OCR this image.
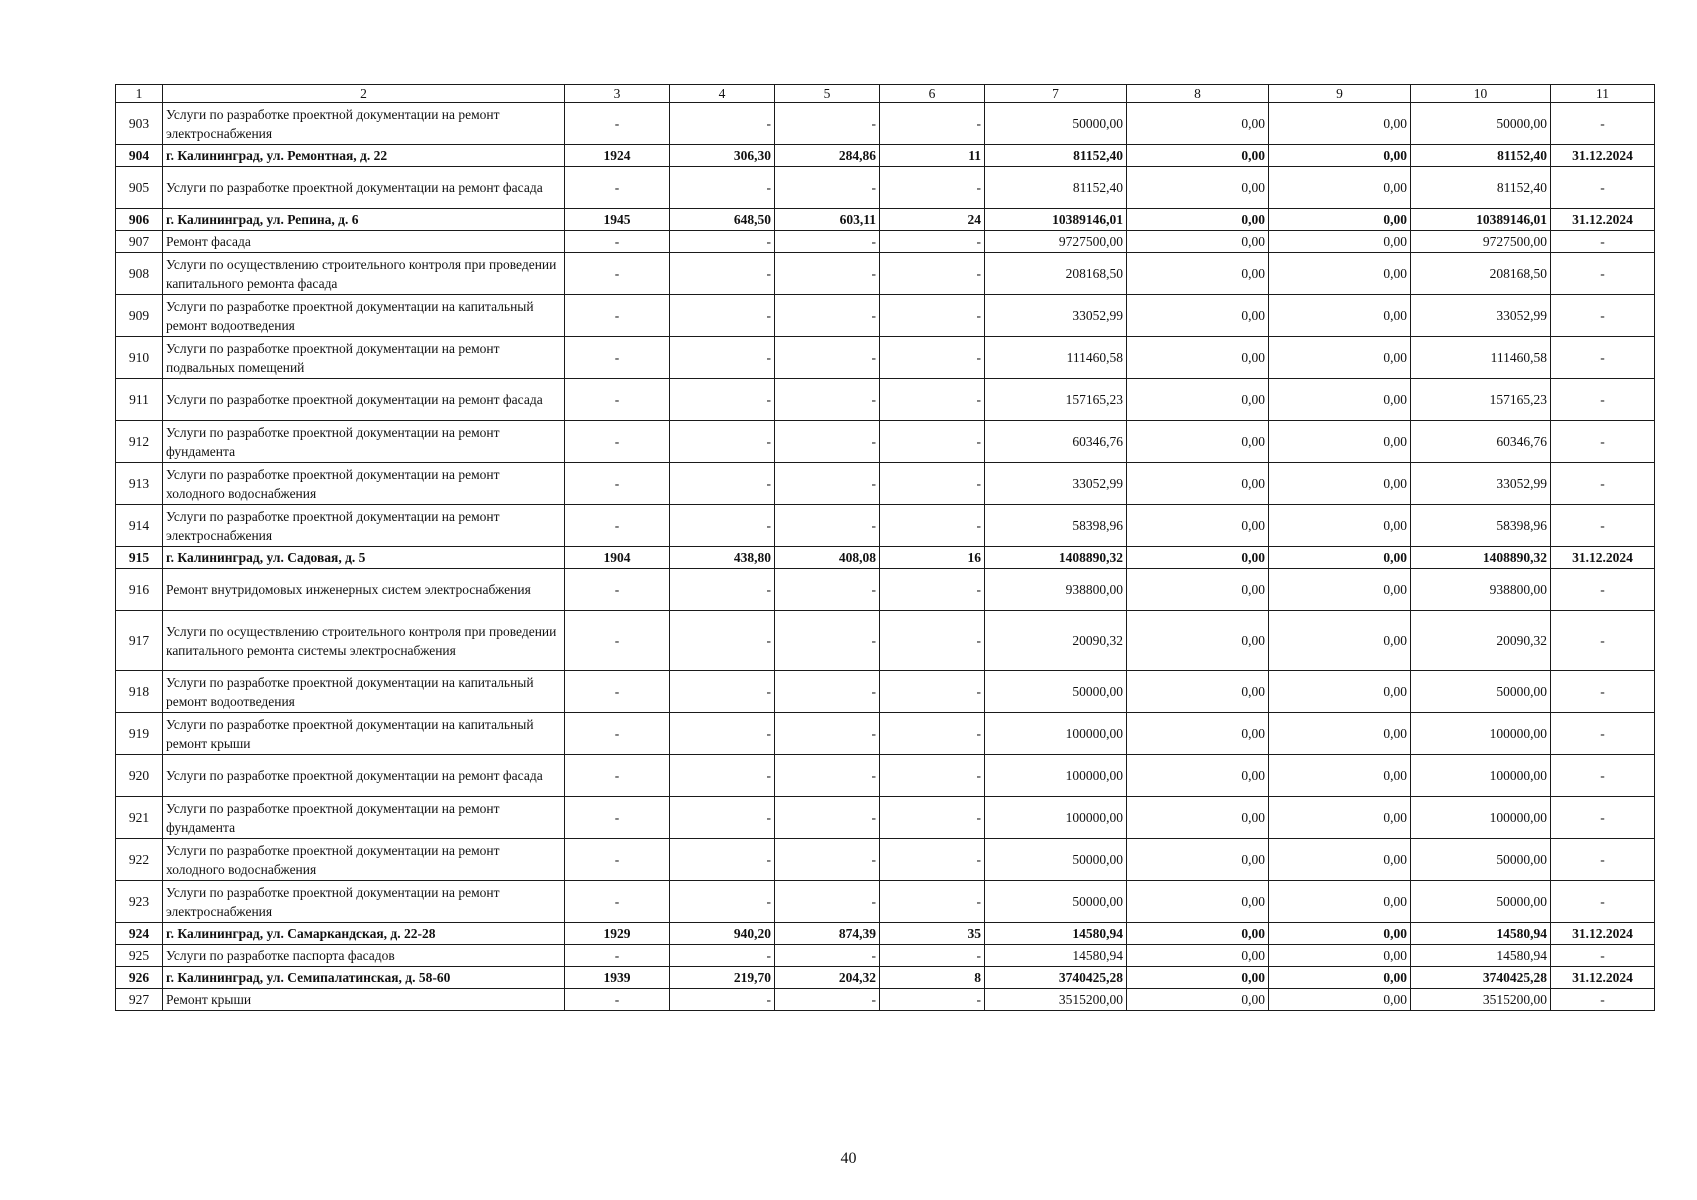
1	2	3	4	5	6	7	8	9	10	11
903	Услуги по разработке проектной документации на ремонт электроснабжения	-	-	-	-	50000,00	0,00	0,00	50000,00	-
904	г. Калининград, ул. Ремонтная, д. 22	1924	306,30	284,86	11	81152,40	0,00	0,00	81152,40	31.12.2024
905	Услуги по разработке проектной документации на ремонт фасада	-	-	-	-	81152,40	0,00	0,00	81152,40	-
906	г. Калининград, ул. Репина, д. 6	1945	648,50	603,11	24	10389146,01	0,00	0,00	10389146,01	31.12.2024
907	Ремонт фасада	-	-	-	-	9727500,00	0,00	0,00	9727500,00	-
908	Услуги по осуществлению строительного контроля при проведении капитального ремонта фасада	-	-	-	-	208168,50	0,00	0,00	208168,50	-
909	Услуги по разработке проектной документации на капитальный ремонт водоотведения	-	-	-	-	33052,99	0,00	0,00	33052,99	-
910	Услуги по разработке проектной документации на ремонт подвальных помещений	-	-	-	-	111460,58	0,00	0,00	111460,58	-
911	Услуги по разработке проектной документации на ремонт фасада	-	-	-	-	157165,23	0,00	0,00	157165,23	-
912	Услуги по разработке проектной документации на ремонт фундамента	-	-	-	-	60346,76	0,00	0,00	60346,76	-
913	Услуги по разработке проектной документации на ремонт холодного водоснабжения	-	-	-	-	33052,99	0,00	0,00	33052,99	-
914	Услуги по разработке проектной документации на ремонт электроснабжения	-	-	-	-	58398,96	0,00	0,00	58398,96	-
915	г. Калининград, ул. Садовая, д. 5	1904	438,80	408,08	16	1408890,32	0,00	0,00	1408890,32	31.12.2024
916	Ремонт внутридомовых инженерных систем электроснабжения	-	-	-	-	938800,00	0,00	0,00	938800,00	-
917	Услуги по осуществлению строительного контроля при проведении капитального ремонта системы электроснабжения	-	-	-	-	20090,32	0,00	0,00	20090,32	-
918	Услуги по разработке проектной документации на капитальный ремонт водоотведения	-	-	-	-	50000,00	0,00	0,00	50000,00	-
919	Услуги по разработке проектной документации на капитальный ремонт крыши	-	-	-	-	100000,00	0,00	0,00	100000,00	-
920	Услуги по разработке проектной документации на ремонт фасада	-	-	-	-	100000,00	0,00	0,00	100000,00	-
921	Услуги по разработке проектной документации на ремонт фундамента	-	-	-	-	100000,00	0,00	0,00	100000,00	-
922	Услуги по разработке проектной документации на ремонт холодного водоснабжения	-	-	-	-	50000,00	0,00	0,00	50000,00	-
923	Услуги по разработке проектной документации на ремонт электроснабжения	-	-	-	-	50000,00	0,00	0,00	50000,00	-
924	г. Калининград, ул. Самаркандская, д. 22-28	1929	940,20	874,39	35	14580,94	0,00	0,00	14580,94	31.12.2024
925	Услуги по разработке паспорта фасадов	-	-	-	-	14580,94	0,00	0,00	14580,94	-
926	г. Калининград, ул. Семипалатинская, д. 58-60	1939	219,70	204,32	8	3740425,28	0,00	0,00	3740425,28	31.12.2024
927	Ремонт крыши	-	-	-	-	3515200,00	0,00	0,00	3515200,00	-
40
